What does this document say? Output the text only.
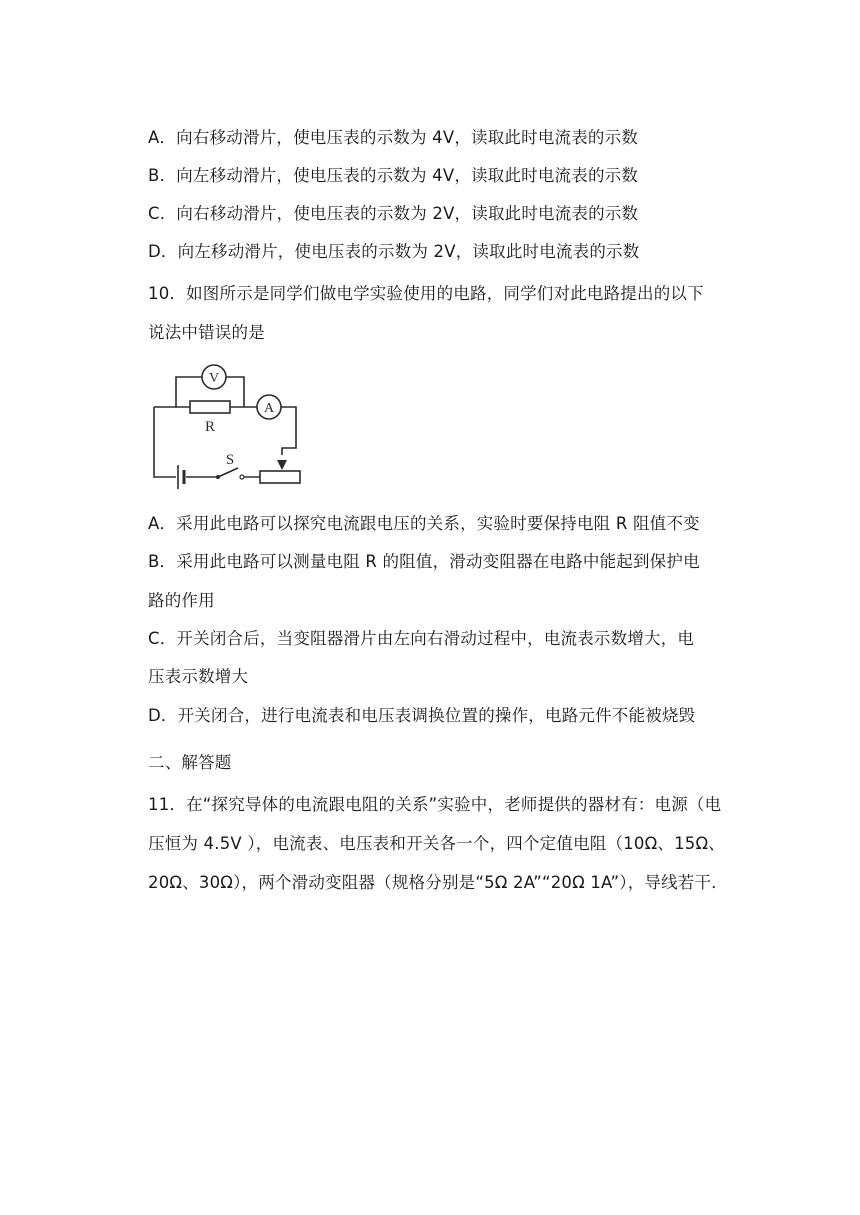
A．向右移动滑片，使电压表的示数为 4V，读取此时电流表的示数
B．向左移动滑片，使电压表的示数为 4V，读取此时电流表的示数
C．向右移动滑片，使电压表的示数为 2V，读取此时电流表的示数
D．向左移动滑片，使电压表的示数为 2V，读取此时电流表的示数
10．如图所示是同学们做电学实验使用的电路，同学们对此电路提出的以下
说法中错误的是
V
A
R
S
A．采用此电路可以探究电流跟电压的关系，实验时要保持电阻 R 阻值不变
B．采用此电路可以测量电阻 R 的阻值，滑动变阻器在电路中能起到保护电
路的作用
C．开关闭合后，当变阻器滑片由左向右滑动过程中，电流表示数增大，电
压表示数增大
D．开关闭合，进行电流表和电压表调换位置的操作，电路元件不能被烧毁
二、解答题
11．在“探究导体的电流跟电阻的关系”实验中，老师提供的器材有：电源（电
压恒为 4.5V ），电流表、电压表和开关各一个，四个定值电阻（10Ω、15Ω、
20Ω、30Ω），两个滑动变阻器（规格分别是“5Ω 2A”“20Ω 1A”），导线若干．
